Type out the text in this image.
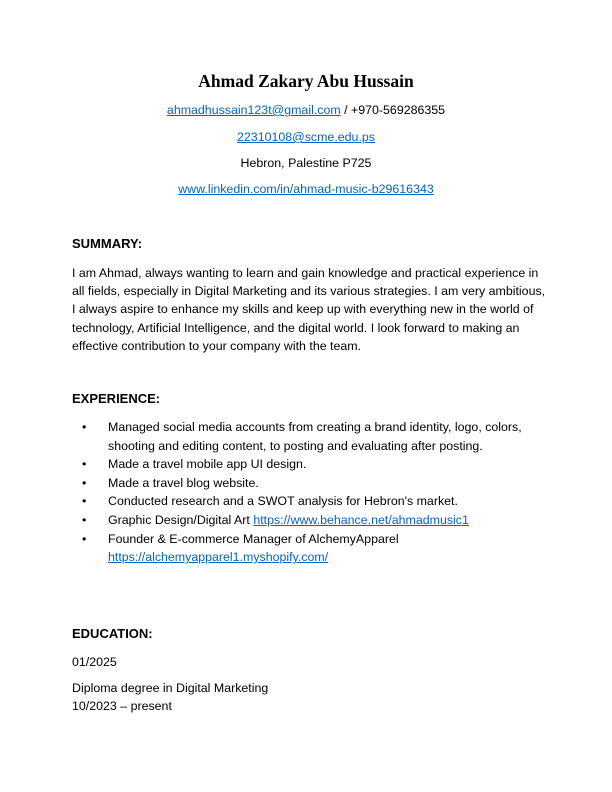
Ahmad Zakary Abu Hussain
ahmadhussain123t@gmail.com / +970-569286355
22310108@scme.edu.ps
Hebron, Palestine P725
www.linkedin.com/in/ahmad-music-b29616343
SUMMARY:
I am Ahmad, always wanting to learn and gain knowledge and practical experience in all fields, especially in Digital Marketing and its various strategies. I am very ambitious, I always aspire to enhance my skills and keep up with everything new in the world of technology, Artificial Intelligence, and the digital world. I look forward to making an effective contribution to your company with the team.
EXPERIENCE:
• Managed social media accounts from creating a brand identity, logo, colors, shooting and editing content, to posting and evaluating after posting.
• Made a travel mobile app UI design.
• Made a travel blog website.
• Conducted research and a SWOT analysis for Hebron's market.
• Graphic Design/Digital Art https://www.behance.net/ahmadmusic1
• Founder & E-commerce Manager of AlchemyApparel
https://alchemyapparel1.myshopify.com/
EDUCATION:
01/2025
Diploma degree in Digital Marketing
10/2023 – present
